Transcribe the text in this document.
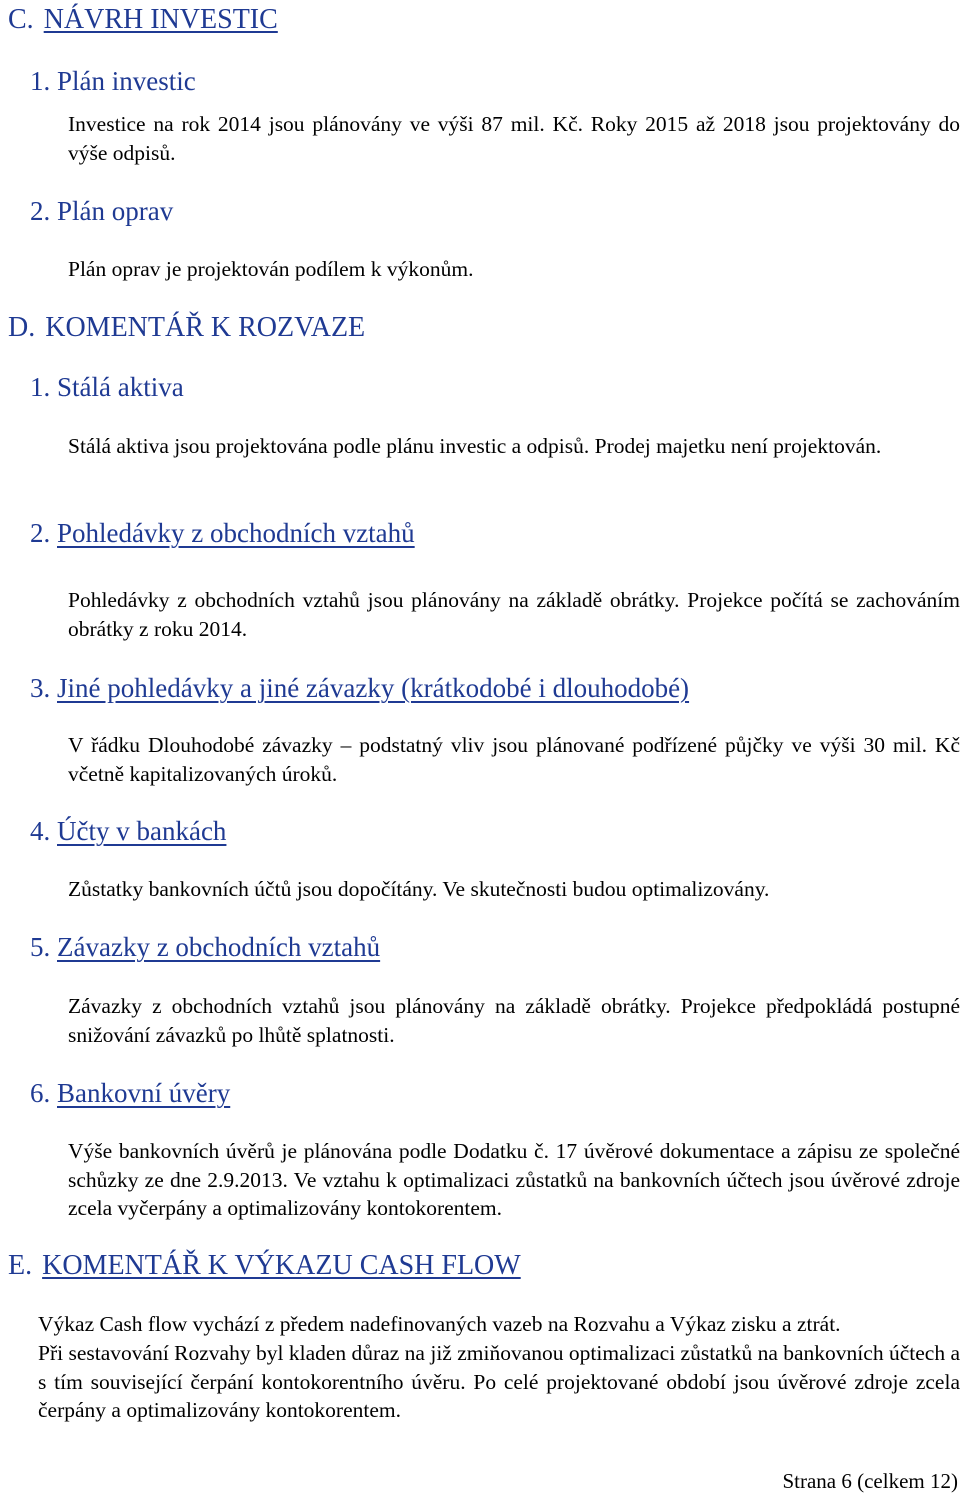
C. NÁVRH INVESTIC
1. Plán investic
Investice na rok 2014 jsou plánovány ve výši 87 mil. Kč. Roky 2015 až 2018 jsou projektovány do výše odpisů.
2. Plán oprav
Plán oprav je projektován podílem k výkonům.
D. KOMENTÁŘ K ROZVAZE
1. Stálá aktiva
Stálá aktiva jsou projektována podle plánu investic a odpisů. Prodej majetku není projektován.
2. Pohledávky z obchodních vztahů
Pohledávky z obchodních vztahů jsou plánovány na základě obrátky. Projekce počítá se zachováním obrátky z roku 2014.
3. Jiné pohledávky a jiné závazky (krátkodobé i dlouhodobé)
V řádku Dlouhodobé závazky – podstatný vliv jsou plánované podřízené půjčky ve výši 30 mil. Kč včetně kapitalizovaných úroků.
4. Účty v bankách
Zůstatky bankovních účtů jsou dopočítány. Ve skutečnosti budou optimalizovány.
5. Závazky z obchodních vztahů
Závazky z obchodních vztahů jsou plánovány na základě obrátky. Projekce předpokládá postupné snižování závazků po lhůtě splatnosti.
6. Bankovní úvěry
Výše bankovních úvěrů je plánována podle Dodatku č. 17 úvěrové dokumentace a zápisu ze společné schůzky ze dne 2.9.2013. Ve vztahu k optimalizaci zůstatků na bankovních účtech jsou úvěrové zdroje zcela vyčerpány a optimalizovány kontokorentem.
E. KOMENTÁŘ K VÝKAZU CASH FLOW
Výkaz Cash flow vychází z předem nadefinovaných vazeb na Rozvahu a Výkaz zisku a ztrát.
Při sestavování Rozvahy byl kladen důraz na již zmiňovanou optimalizaci zůstatků na bankovních účtech a s tím související čerpání kontokorentního úvěru. Po celé projektované období jsou úvěrové zdroje zcela čerpány a optimalizovány kontokorentem.
Strana 6 (celkem 12)
